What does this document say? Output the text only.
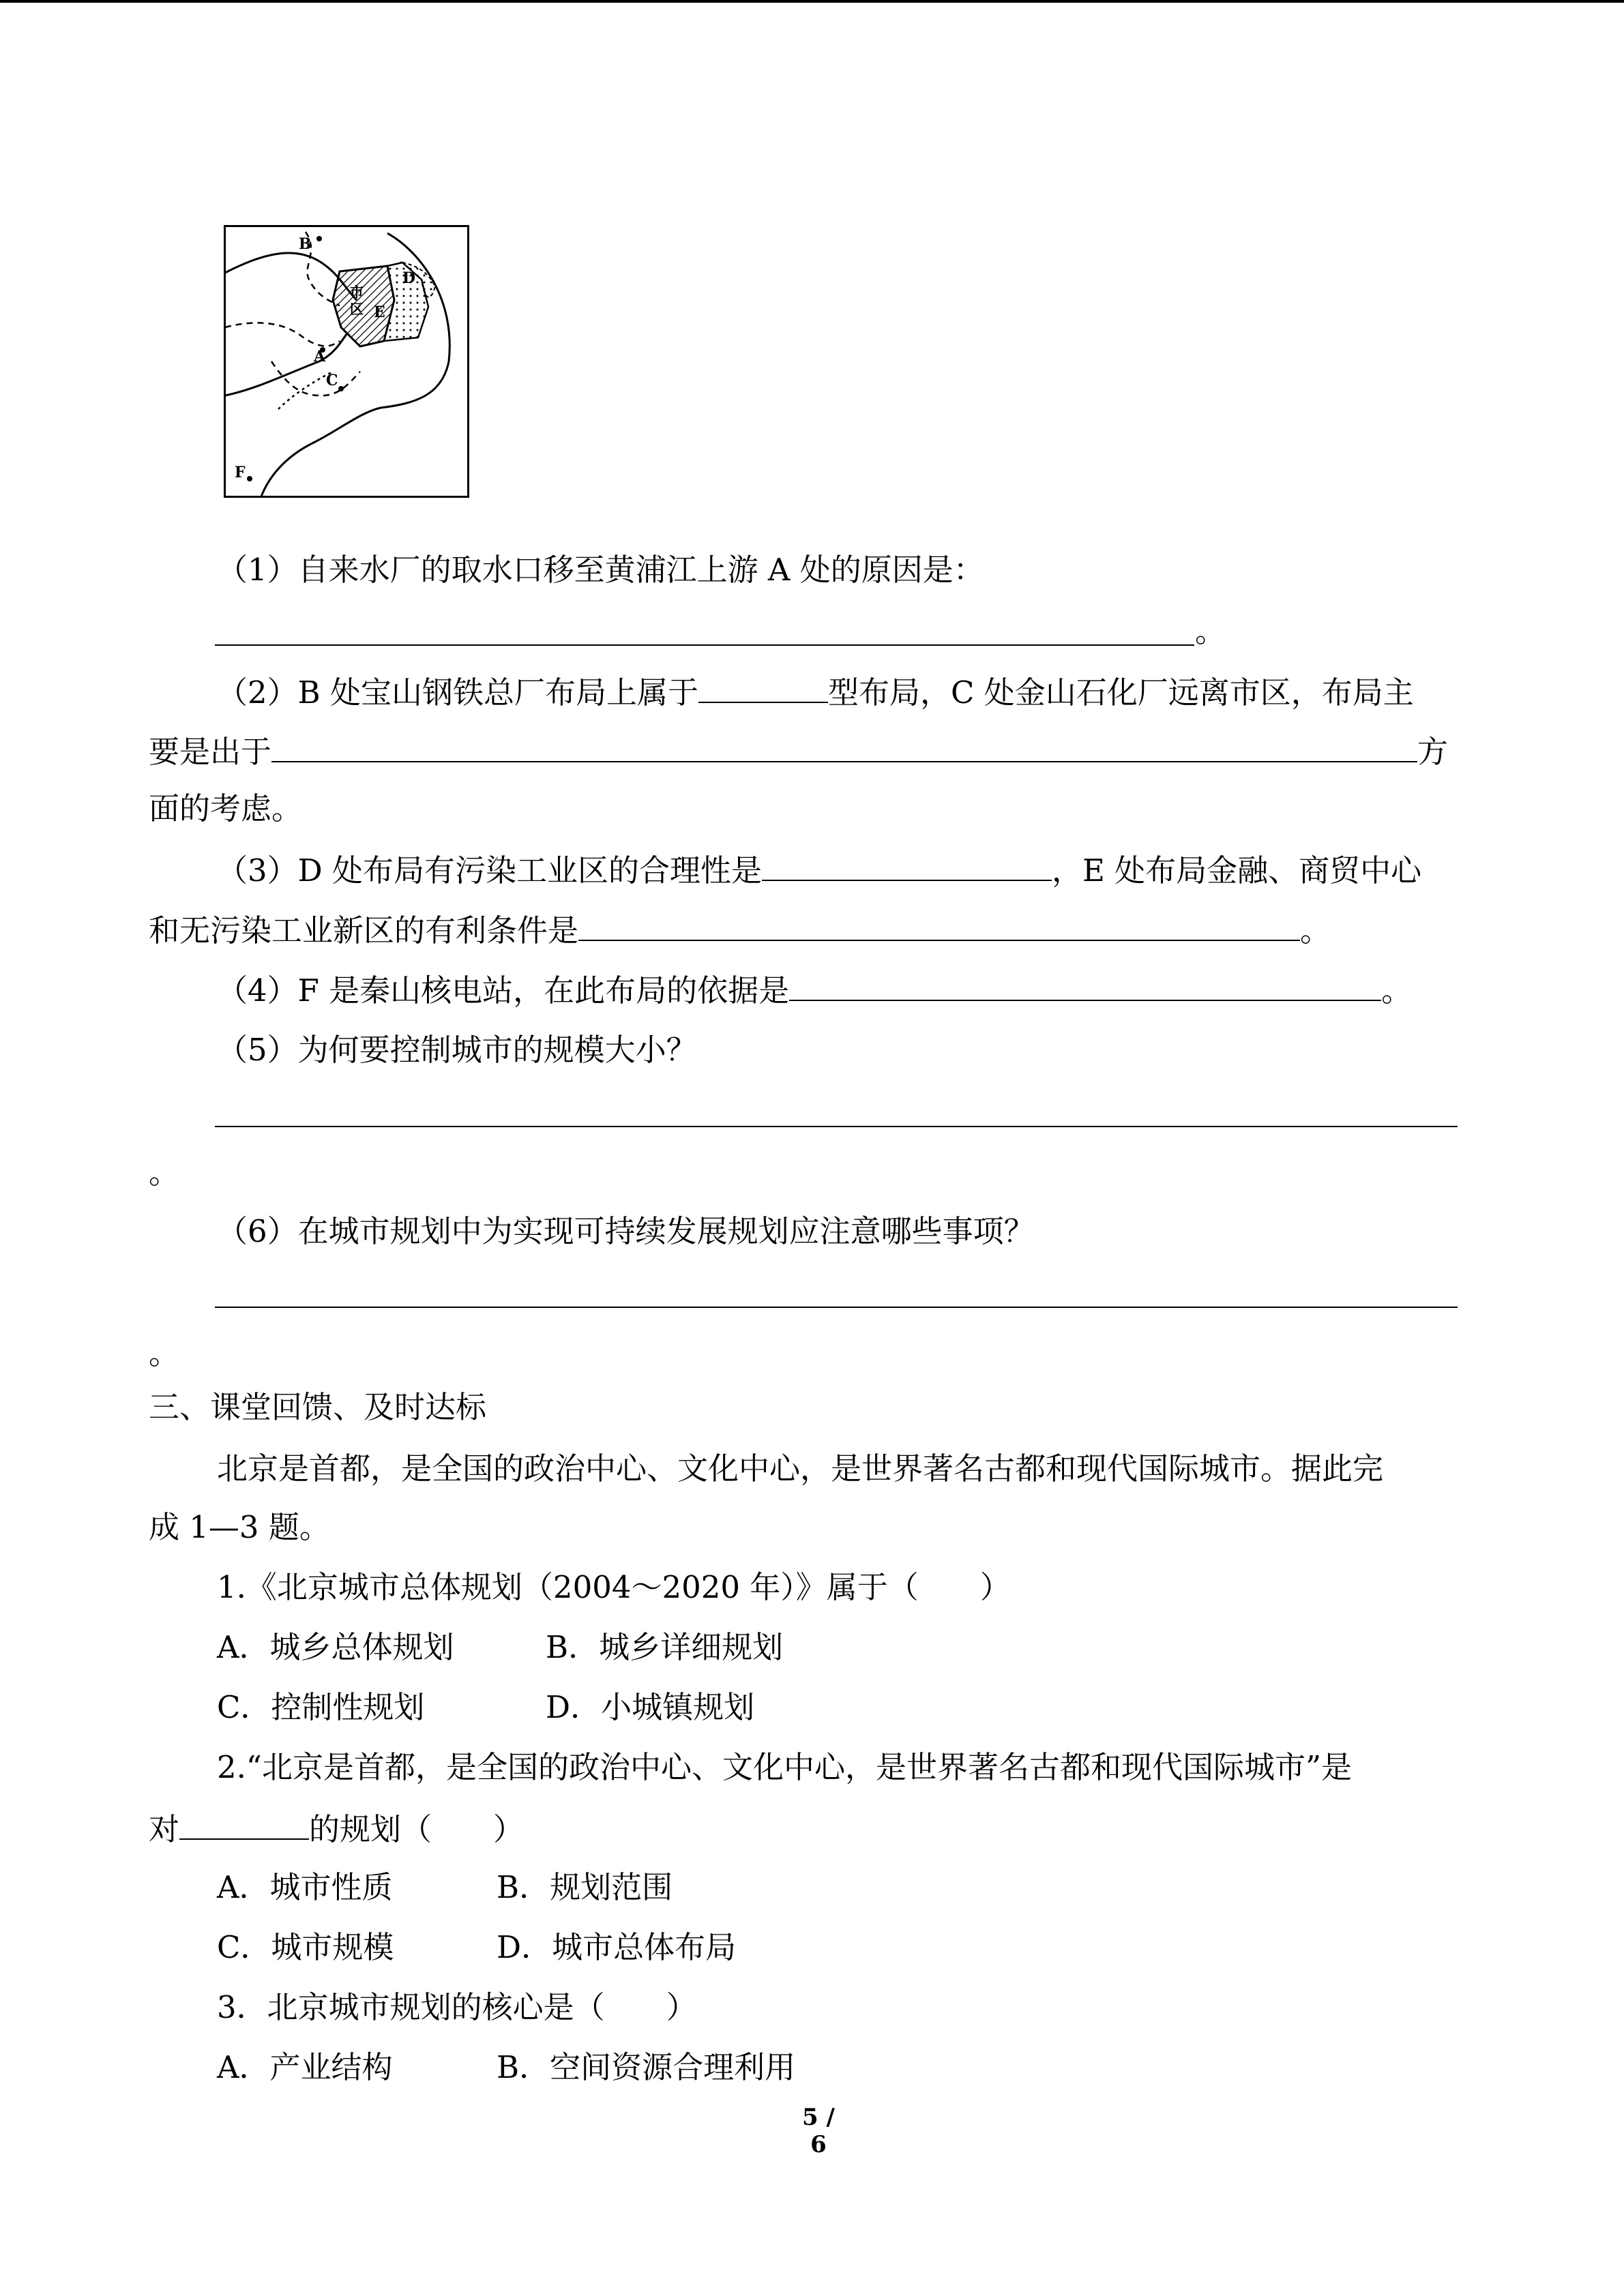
B
D
市
区 E
A
C
F
（1）自来水厂的取水口移至黄浦江上游 A 处的原因是：
。
（2）B 处宝山钢铁总厂布局上属于	型布局，C 处金山石化厂远离市区，布局主
要是出于	方
面的考虑。
（3）D 处布局有污染工业区的合理性是	，E 处布局金融、商贸中心
和无污染工业新区的有利条件是	。
（4）F 是秦山核电站，在此布局的依据是	。
（5）为何要控制城市的规模大小？
。
（6）在城市规划中为实现可持续发展规划应注意哪些事项？
。
三、课堂回馈、及时达标
北京是首都，是全国的政治中心、文化中心，是世界著名古都和现代国际城市。据此完
成 1—3 题。
1.《北京城市总体规划（2004～2020 年）》属于（　　）
A．城乡总体规划	B．城乡详细规划
C．控制性规划	D．小城镇规划
2.“北京是首都，是全国的政治中心、文化中心，是世界著名古都和现代国际城市”是
对	的规划（　　）
A．城市性质	B．规划范围
C．城市规模	D．城市总体布局
3．北京城市规划的核心是（　　）
A．产业结构	B．空间资源合理利用
5 / 6
